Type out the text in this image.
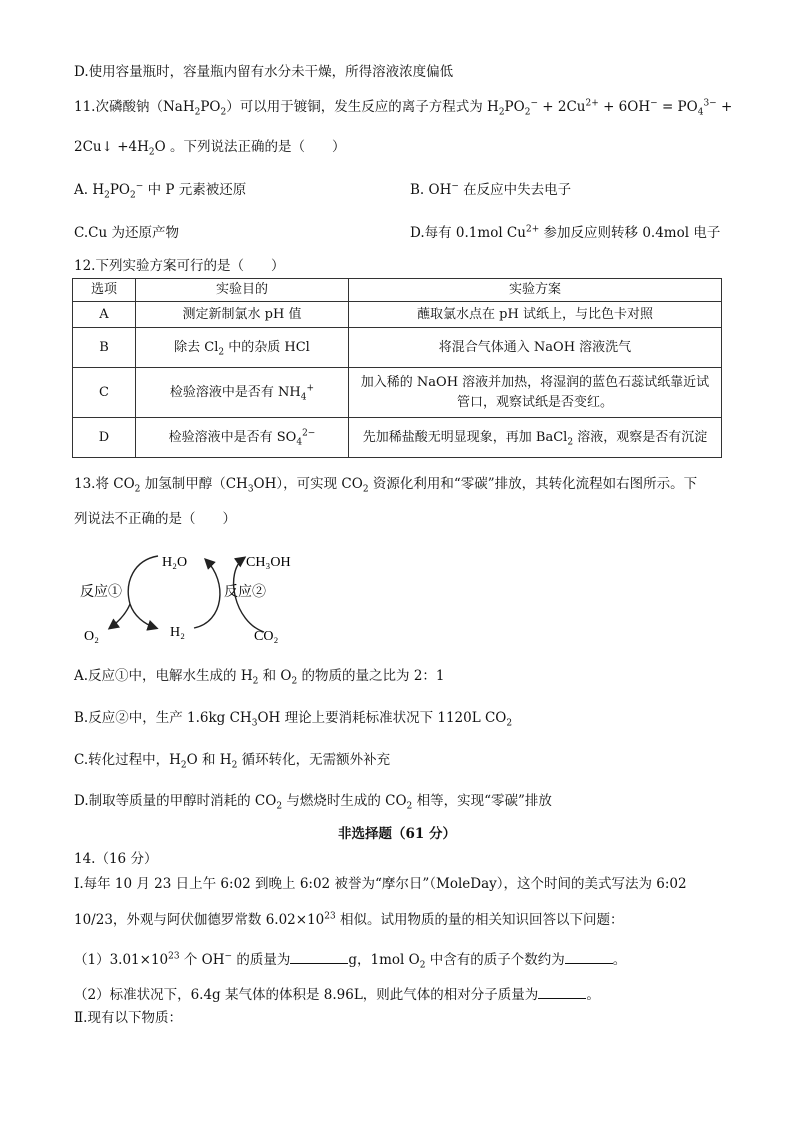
D.使用容量瓶时，容量瓶内留有水分未干燥，所得溶液浓度偏低
11.次磷酸钠$(NaH_2PO_2)$可以用于镀铜，发生反应的离子方程式为 $H_2PO_2^- + 2Cu^{2+} + 6OH^- = PO_4^{3-}$ +
2Cu↓ $+4H_2O$ 。下列说法正确的是（　　）
A. $H_2PO_2^-$ 中 P 元素被还原	B. OH− 在反应中失去电子
C.Cu 为还原产物	D.每有 0.1mol $Cu^{2+}$ 参加反应则转移 0.4mol 电子
12.下列实验方案可行的是（　　）
选项	实验目的	实验方案
A	测定新制氯水 pH 值	蘸取氯水点在 pH 试纸上，与比色卡对照
B	除去 $Cl_2$ 中的杂质 HCl	将混合气体通入 NaOH 溶液洗气
C	检验溶液中是否有 $NH_4^+$	加入稀的 NaOH 溶液并加热，将湿润的蓝色石蕊试纸靠近试
管口，观察试纸是否变红。

D	检验溶液中是否有 $SO_4^{2-}$	先加稀盐酸无明显现象，再加 BaCl$_2$ 溶液，观察是否有沉淀
13.将 $CO_2$ 加氢制甲醇$(CH_3OH)$，可实现 $CO_2$ 资源化利用和“零碳”排放，其转化流程如右图所示。下
列说法不正确的是（　　）
H₂O	CH₃OH
反应①	反应②
O₂	H₂	CO₂
A.反应①中，电解水生成的 $H_2$ 和 $O_2$ 的物质的量之比为 2：1
B.反应②中，生产 1.6kg $CH_3OH$ 理论上要消耗标准状况下 1120L $CO_2$
C.转化过程中，$H_2O$ 和 $H_2$ 循环转化，无需额外补充
D.制取等质量的甲醇时消耗的 $CO_2$ 与燃烧时生成的 $CO_2$ 相等，实现“零碳”排放
非选择题（61 分）
14.（16 分）
Ⅰ.每年 10 月 23 日上午 6:02 到晚上 6:02 被誉为“摩尔日”（MoleDay），这个时间的美式写法为 6:02
10/23，外观与阿伏伽德罗常数 $6.02\times 10^{23}$ 相似。试用物质的量的相关知识回答以下问题：
$(1)3.01\times 10^{23}$ 个 OH− 的质量为	g，1mol $O_2$ 中含有的质子个数约为	。
（2）标准状况下，6.4g 某气体的体积是 8.96L，则此气体的相对分子质量为	。
Ⅱ.现有以下物质：
